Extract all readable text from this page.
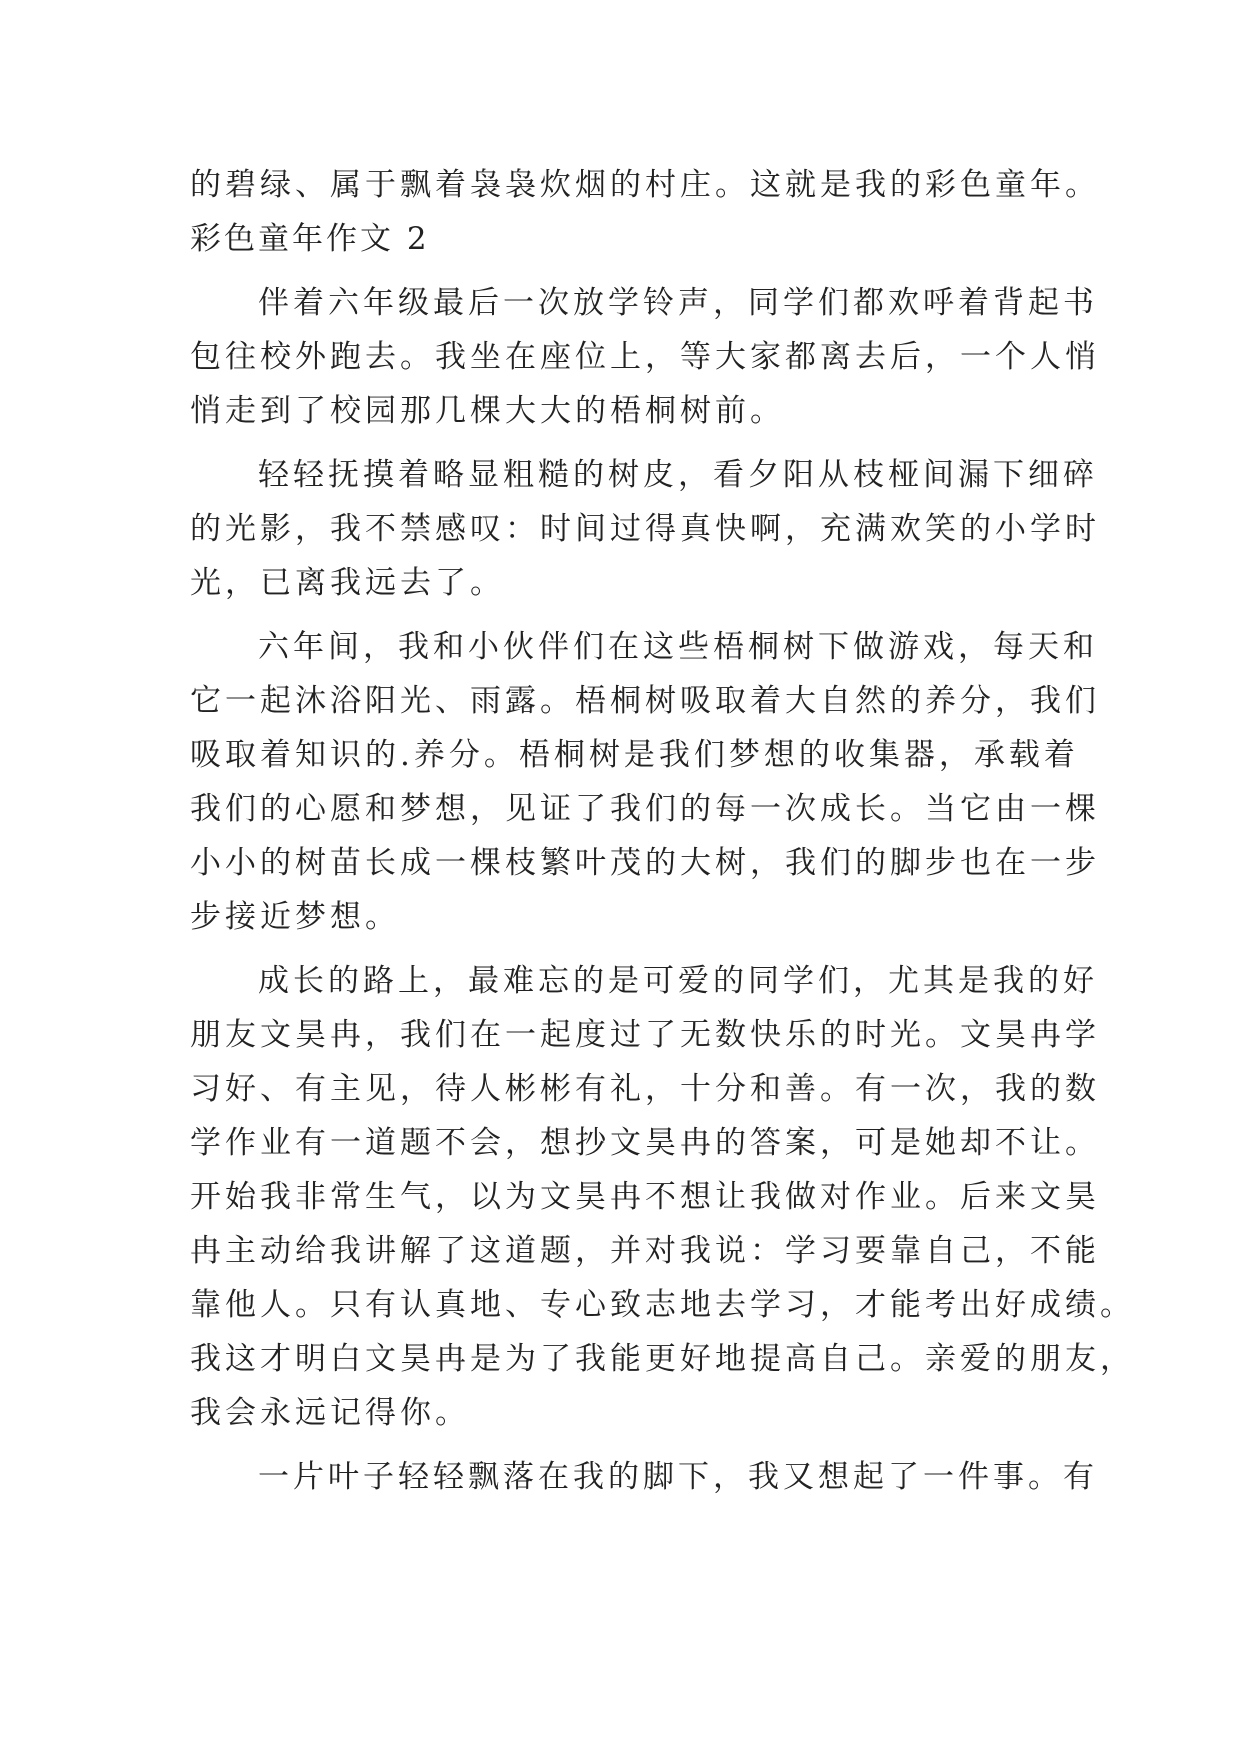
的碧绿、属于飘着袅袅炊烟的村庄。这就是我的彩色童年。
彩色童年作文 2
伴着六年级最后一次放学铃声，同学们都欢呼着背起书
包往校外跑去。我坐在座位上，等大家都离去后，一个人悄
悄走到了校园那几棵大大的梧桐树前。
轻轻抚摸着略显粗糙的树皮，看夕阳从枝桠间漏下细碎
的光影，我不禁感叹：时间过得真快啊，充满欢笑的小学时
光，已离我远去了。
六年间，我和小伙伴们在这些梧桐树下做游戏，每天和
它一起沐浴阳光、雨露。梧桐树吸取着大自然的养分，我们
吸取着知识的.养分。梧桐树是我们梦想的收集器，承载着
我们的心愿和梦想，见证了我们的每一次成长。当它由一棵
小小的树苗长成一棵枝繁叶茂的大树，我们的脚步也在一步
步接近梦想。
成长的路上，最难忘的是可爱的同学们，尤其是我的好
朋友文昊冉，我们在一起度过了无数快乐的时光。文昊冉学
习好、有主见，待人彬彬有礼，十分和善。有一次，我的数
学作业有一道题不会，想抄文昊冉的答案，可是她却不让。
开始我非常生气，以为文昊冉不想让我做对作业。后来文昊
冉主动给我讲解了这道题，并对我说：学习要靠自己，不能
靠他人。只有认真地、专心致志地去学习，才能考出好成绩。
我这才明白文昊冉是为了我能更好地提高自己。亲爱的朋友，
我会永远记得你。
一片叶子轻轻飘落在我的脚下，我又想起了一件事。有
